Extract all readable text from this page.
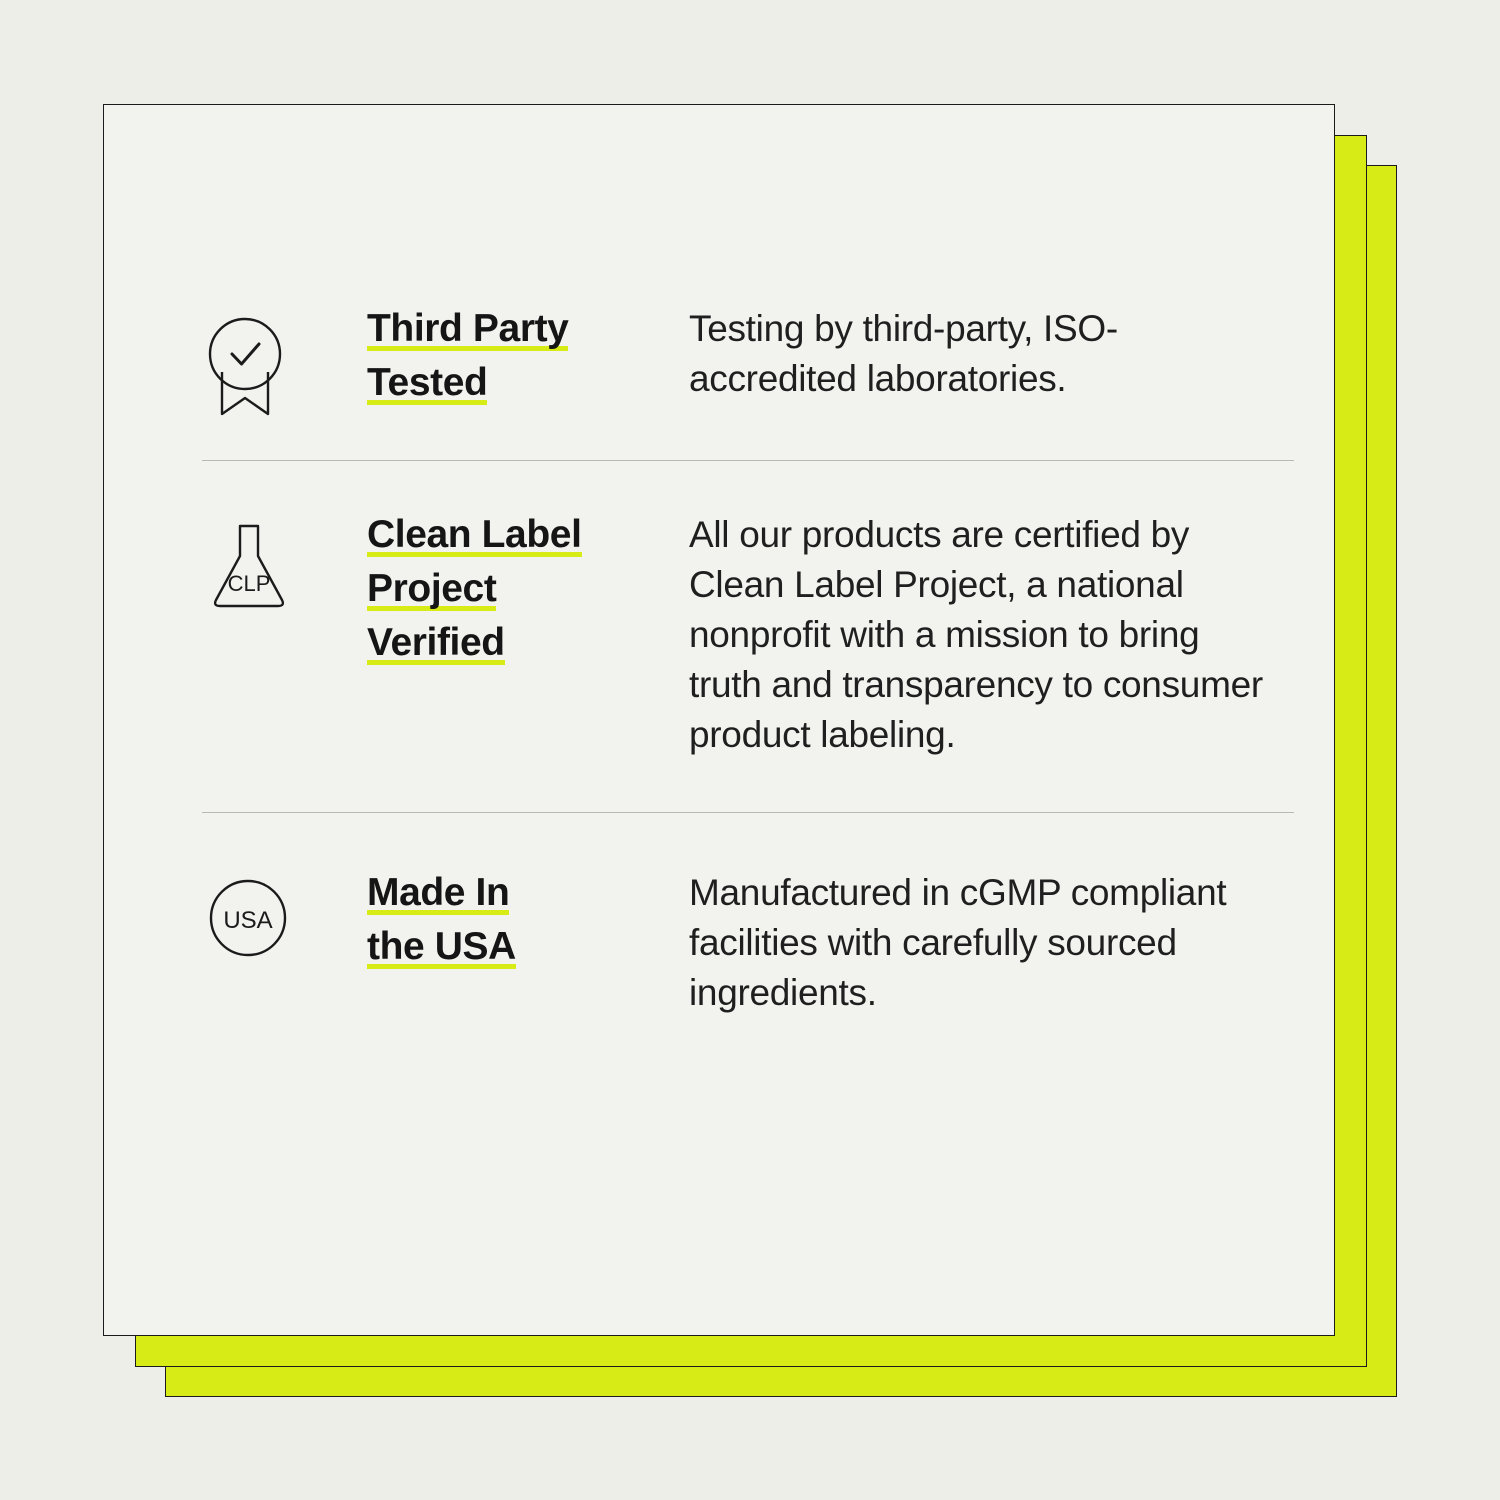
Third Party
Tested

Testing by third-party, ISO-accredited laboratories.

CLP
Clean Label
Project
Verified

All our products are certified by Clean Label Project, a national nonprofit with a mission to bring truth and transparency to consumer product labeling.

USA
Made In
the USA

Manufactured in cGMP compliant facilities with carefully sourced ingredients.
